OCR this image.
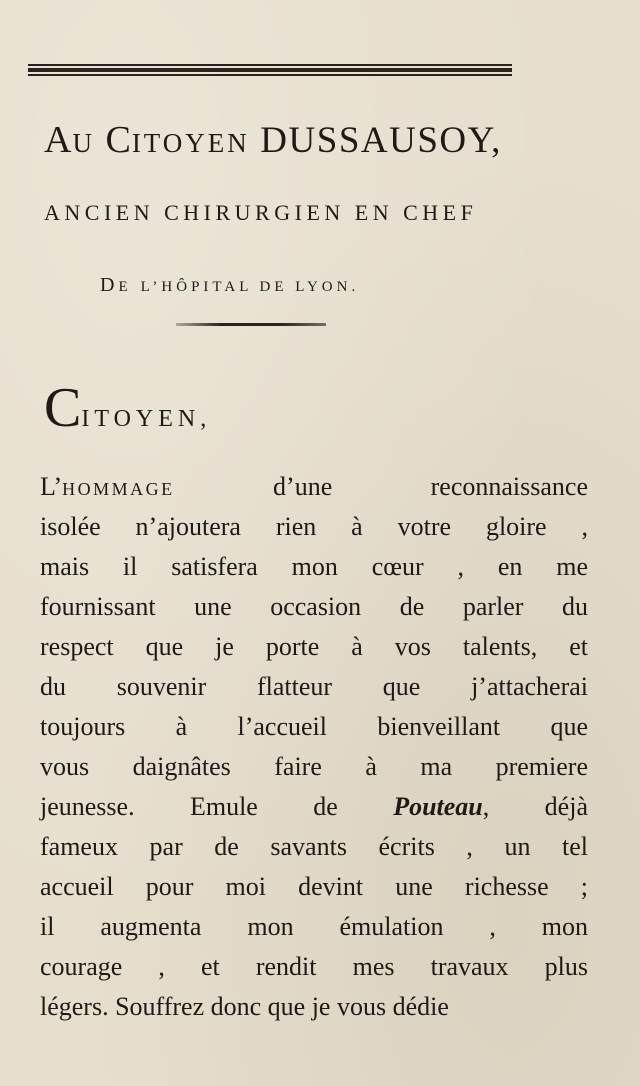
AU CITOYEN DUSSAUSOY,
ANCIEN CHIRURGIEN EN CHEF
DE L’HÔPITAL DE LYON.
CITOYEN,
L’HOMMAGE d’une reconnaissance
isolée n’ajoutera rien à votre gloire ,
mais il satisfera mon cœur , en me
fournissant une occasion de parler du
respect que je porte à vos talents, et
du souvenir flatteur que j’attacherai
toujours à l’accueil bienveillant que
vous daignâtes faire à ma premiere
jeunesse. Emule de Pouteau, déjà
fameux par de savants écrits , un tel
accueil pour moi devint une richesse ;
il augmenta mon émulation , mon
courage , et rendit mes travaux plus
légers. Souffrez donc que je vous dédie
